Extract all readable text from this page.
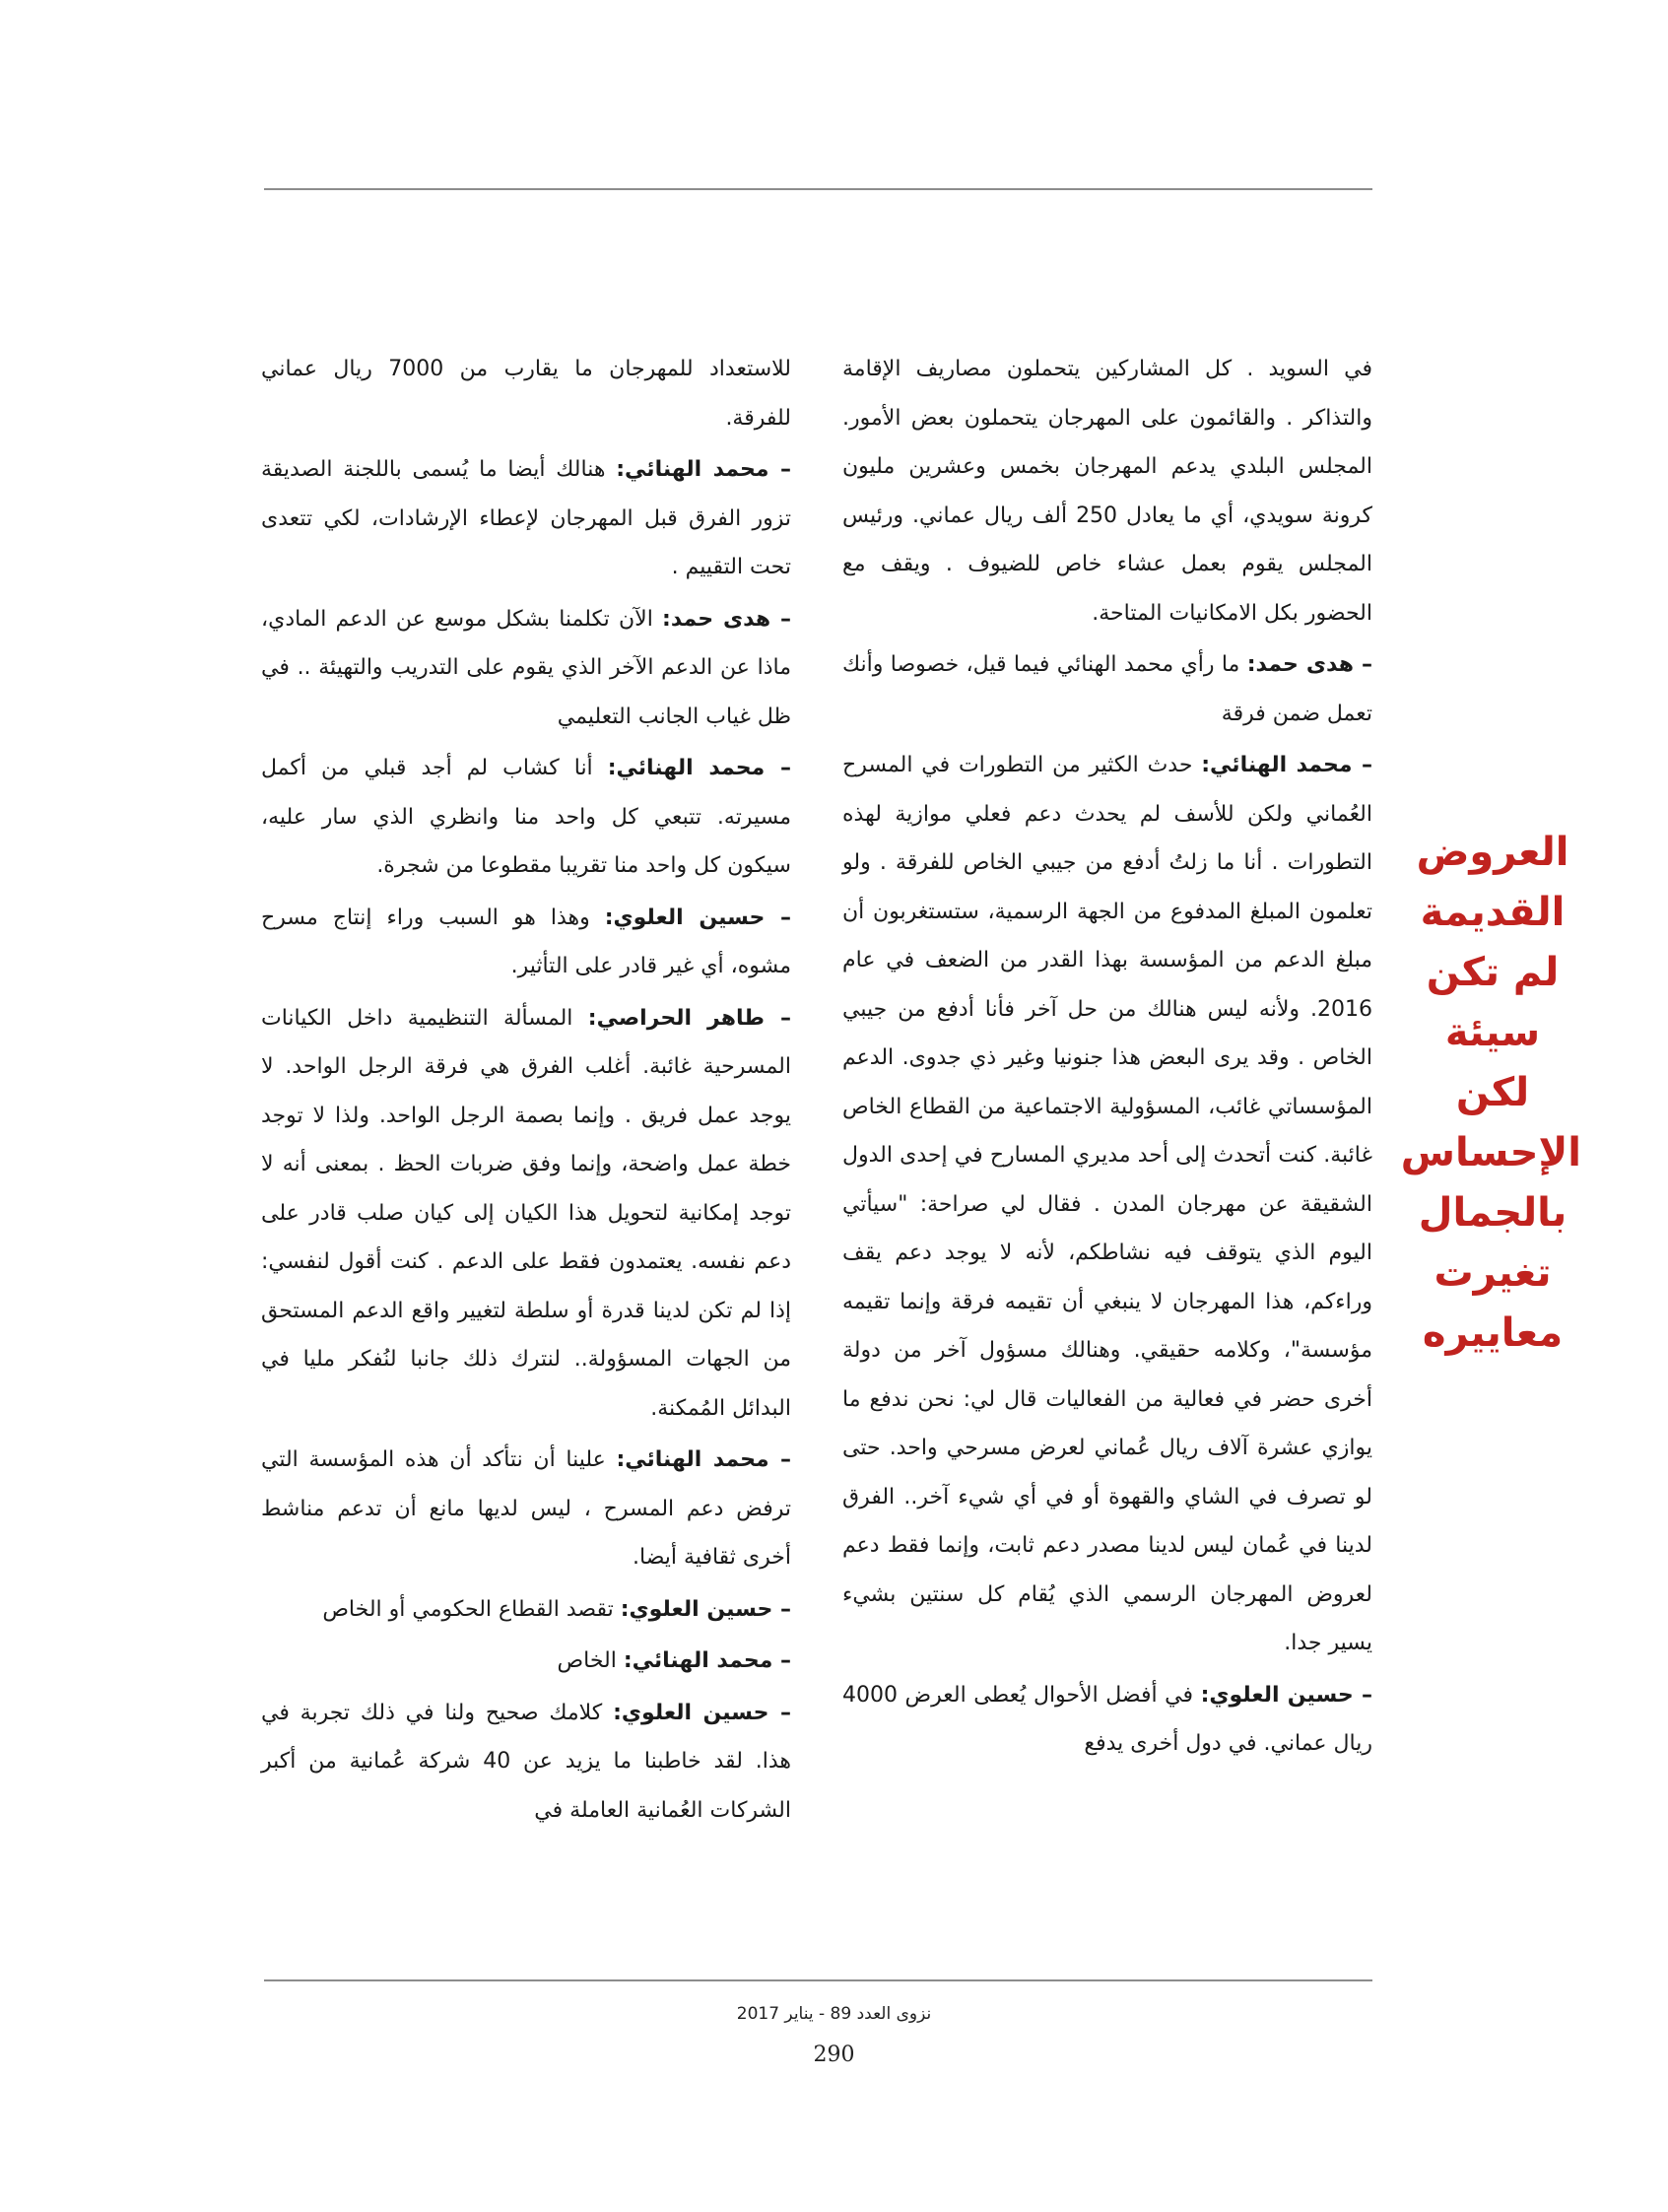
في السويد . كل المشاركين يتحملون مصاريف الإقامة والتذاكر . والقائمون على المهرجان يتحملون بعض الأمور. المجلس البلدي يدعم المهرجان بخمس وعشرين مليون كرونة سويدي، أي ما يعادل 250 ألف ريال عماني. ورئيس المجلس يقوم بعمل عشاء خاص للضيوف . ويقف مع الحضور بكل الامكانيات المتاحة.

– هدى حمد: ما رأي محمد الهنائي فيما قيل، خصوصا وأنك تعمل ضمن فرقة

– محمد الهنائي: حدث الكثير من التطورات في المسرح العُماني ولكن للأسف لم يحدث دعم فعلي موازية لهذه التطورات . أنا ما زلتُ أدفع من جيبي الخاص للفرقة . ولو تعلمون المبلغ المدفوع من الجهة الرسمية، ستستغربون أن مبلغ الدعم من المؤسسة بهذا القدر من الضعف في عام 2016. ولأنه ليس هنالك من حل آخر فأنا أدفع من جيبي الخاص . وقد يرى البعض هذا جنونيا وغير ذي جدوى. الدعم المؤسساتي غائب، المسؤولية الاجتماعية من القطاع الخاص غائبة. كنت أتحدث إلى أحد مديري المسارح في إحدى الدول الشقيقة عن مهرجان المدن . فقال لي صراحة: "سيأتي اليوم الذي يتوقف فيه نشاطكم، لأنه لا يوجد دعم يقف وراءكم، هذا المهرجان لا ينبغي أن تقيمه فرقة وإنما تقيمه مؤسسة"، وكلامه حقيقي. وهنالك مسؤول آخر من دولة أخرى حضر في فعالية من الفعاليات قال لي: نحن ندفع ما يوازي عشرة آلاف ريال عُماني لعرض مسرحي واحد. حتى لو تصرف في الشاي والقهوة أو في أي شيء آخر.. الفرق لدينا في عُمان ليس لدينا مصدر دعم ثابت، وإنما فقط دعم لعروض المهرجان الرسمي الذي يُقام كل سنتين بشيء يسير جدا.

– حسين العلوي: في أفضل الأحوال يُعطى العرض 4000 ريال عماني. في دول أخرى يدفع

للاستعداد للمهرجان ما يقارب من 7000 ريال عماني للفرقة.

– محمد الهنائي: هنالك أيضا ما يُسمى باللجنة الصديقة تزور الفرق قبل المهرجان لإعطاء الإرشادات، لكي تتعدى تحت التقييم .

– هدى حمد: الآن تكلمنا بشكل موسع عن الدعم المادي، ماذا عن الدعم الآخر الذي يقوم على التدريب والتهيئة .. في ظل غياب الجانب التعليمي

– محمد الهنائي: أنا كشاب لم أجد قبلي من أكمل مسيرته. تتبعي كل واحد منا وانظري الذي سار عليه، سيكون كل واحد منا تقريبا مقطوعا من شجرة.

– حسين العلوي: وهذا هو السبب وراء إنتاج مسرح مشوه، أي غير قادر على التأثير.

– طاهر الحراصي: المسألة التنظيمية داخل الكيانات المسرحية غائبة. أغلب الفرق هي فرقة الرجل الواحد. لا يوجد عمل فريق . وإنما بصمة الرجل الواحد. ولذا لا توجد خطة عمل واضحة، وإنما وفق ضربات الحظ . بمعنى أنه لا توجد إمكانية لتحويل هذا الكيان إلى كيان صلب قادر على دعم نفسه. يعتمدون فقط على الدعم . كنت أقول لنفسي: إذا لم تكن لدينا قدرة أو سلطة لتغيير واقع الدعم المستحق من الجهات المسؤولة.. لنترك ذلك جانبا لنُفكر مليا في البدائل المُمكنة.

– محمد الهنائي: علينا أن نتأكد أن هذه المؤسسة التي ترفض دعم المسرح ، ليس لديها مانع أن تدعم مناشط أخرى ثقافية أيضا.

– حسين العلوي: تقصد القطاع الحكومي أو الخاص

– محمد الهنائي: الخاص

– حسين العلوي: كلامك صحيح ولنا في ذلك تجربة في هذا. لقد خاطبنا ما يزيد عن 40 شركة عُمانية من أكبر الشركات العُمانية العاملة في

العروض
القديمة
لم تكن
سيئة لكن
الإحساس
بالجمال
تغيرت
معاييره
نزوى العدد 89 - يناير 2017
290
